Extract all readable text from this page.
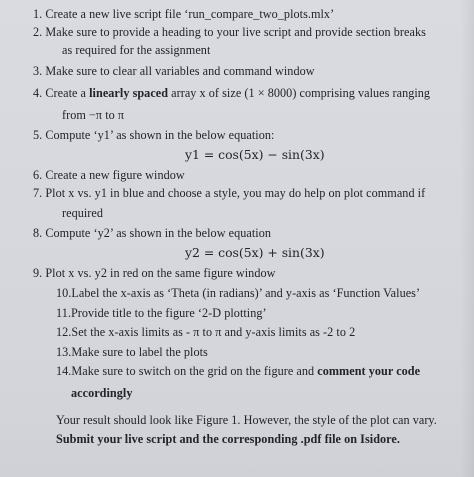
1. Create a new live script file ‘run_compare_two_plots.mlx’
2. Make sure to provide a heading to your live script and provide section breaks
as required for the assignment
3. Make sure to clear all variables and command window
4. Create a linearly spaced array x of size (1 × 8000) comprising values ranging
from −π to π
5. Compute ‘y1’ as shown in the below equation:
y1 = cos(5x) − sin(3x)
6. Create a new figure window
7. Plot x vs. y1 in blue and choose a style, you may do help on plot command if
required
8. Compute ‘y2’ as shown in the below equation
y2 = cos(5x) + sin(3x)
9. Plot x vs. y2 in red on the same figure window
10.Label the x-axis as ‘Theta (in radians)’ and y-axis as ‘Function Values’
11.Provide title to the figure ‘2-D plotting’
12.Set the x-axis limits as - π to π and y-axis limits as -2 to 2
13.Make sure to label the plots
14.Make sure to switch on the grid on the figure and comment your code
accordingly
Your result should look like Figure 1. However, the style of the plot can vary.
Submit your live script and the corresponding .pdf file on Isidore.
